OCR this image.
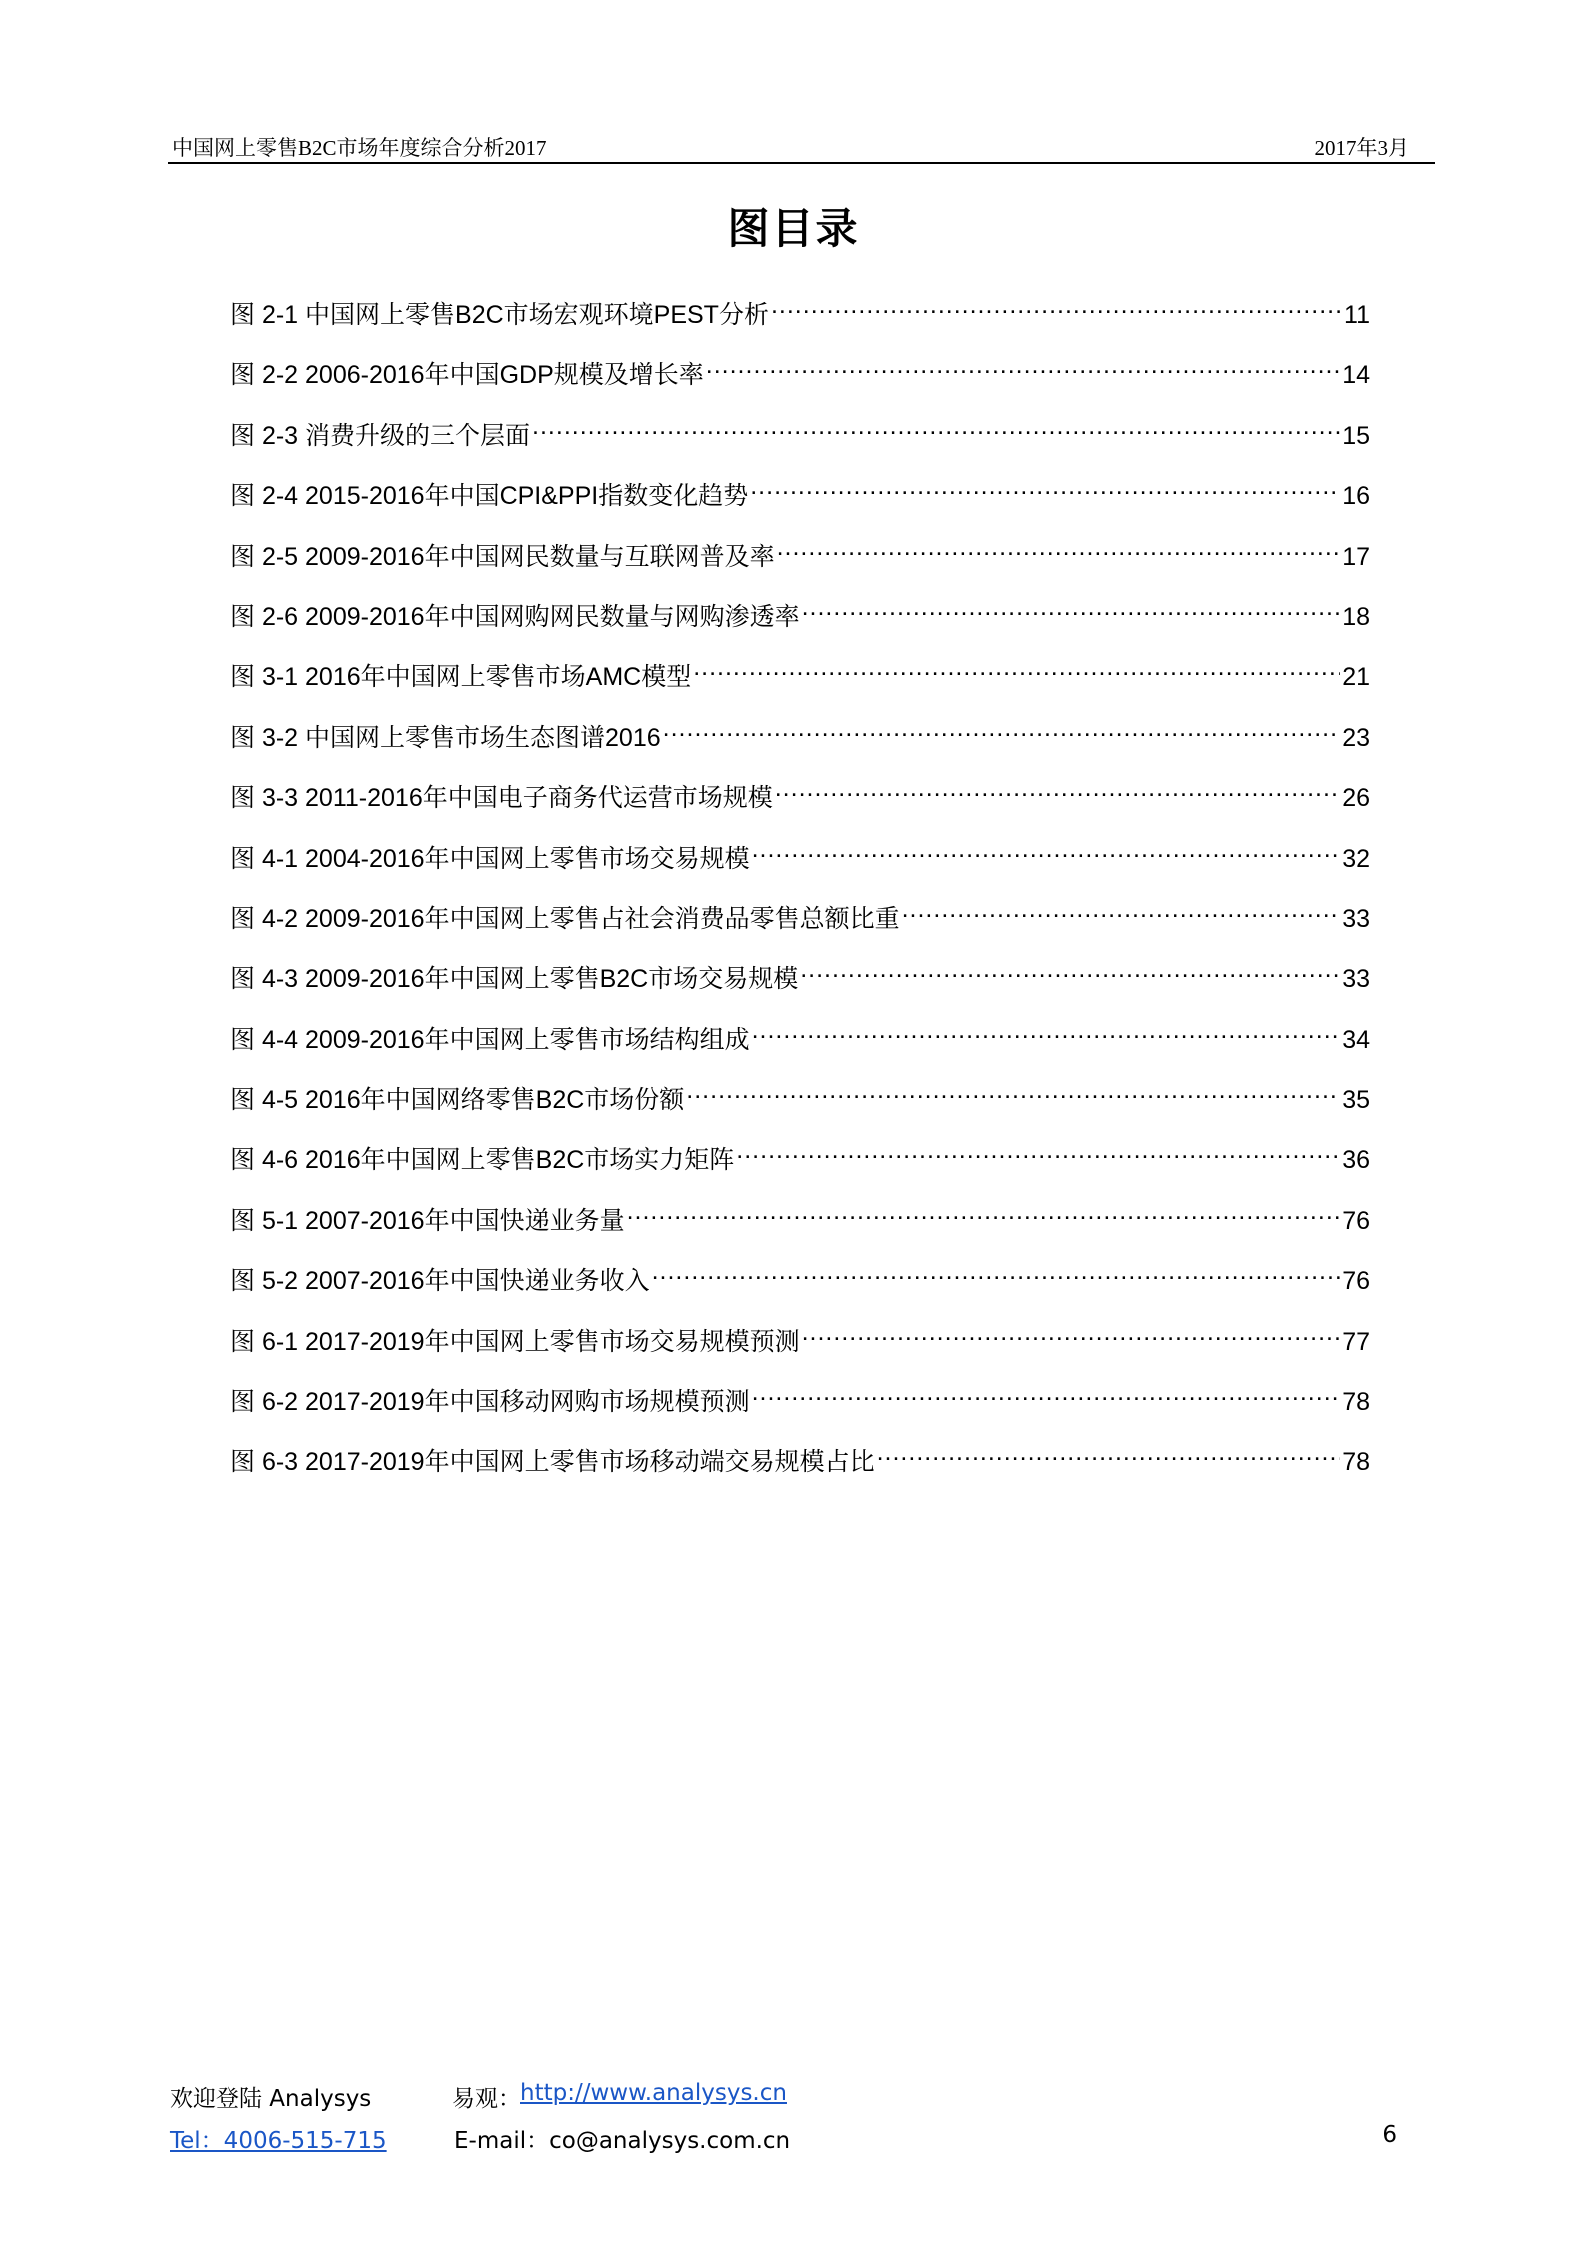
中国网上零售B2C市场年度综合分析2017	2017年3月
图目录
图 2-1 中国网上零售B2C市场宏观环境PEST分析 .....	11
图 2-2 2006-2016年中国GDP规模及增长率 .....	14
图 2-3 消费升级的三个层面 .....	15
图 2-4 2015-2016年中国CPI&PPI指数变化趋势 .....	16
图 2-5 2009-2016年中国网民数量与互联网普及率 .....	17
图 2-6 2009-2016年中国网购网民数量与网购渗透率 .....	18
图 3-1 2016年中国网上零售市场AMC模型 .....	21
图 3-2 中国网上零售市场生态图谱2016 .....	23
图 3-3 2011-2016年中国电子商务代运营市场规模 .....	26
图 4-1 2004-2016年中国网上零售市场交易规模 .....	32
图 4-2 2009-2016年中国网上零售占社会消费品零售总额比重 .....	33
图 4-3 2009-2016年中国网上零售B2C市场交易规模 .....	33
图 4-4 2009-2016年中国网上零售市场结构组成 .....	34
图 4-5 2016年中国网络零售B2C市场份额 .....	35
图 4-6 2016年中国网上零售B2C市场实力矩阵 .....	36
图 5-1 2007-2016年中国快递业务量 .....	76
图 5-2 2007-2016年中国快递业务收入 .....	76
图 6-1 2017-2019年中国网上零售市场交易规模预测 .....	77
图 6-2 2017-2019年中国移动网购市场规模预测 .....	78
图 6-3 2017-2019年中国网上零售市场移动端交易规模占比 .....	78
欢迎登陆 Analysys	易观： http://www.analysys.cn
Tel：4006-515-715	E-mail：co@analysys.com.cn	6
